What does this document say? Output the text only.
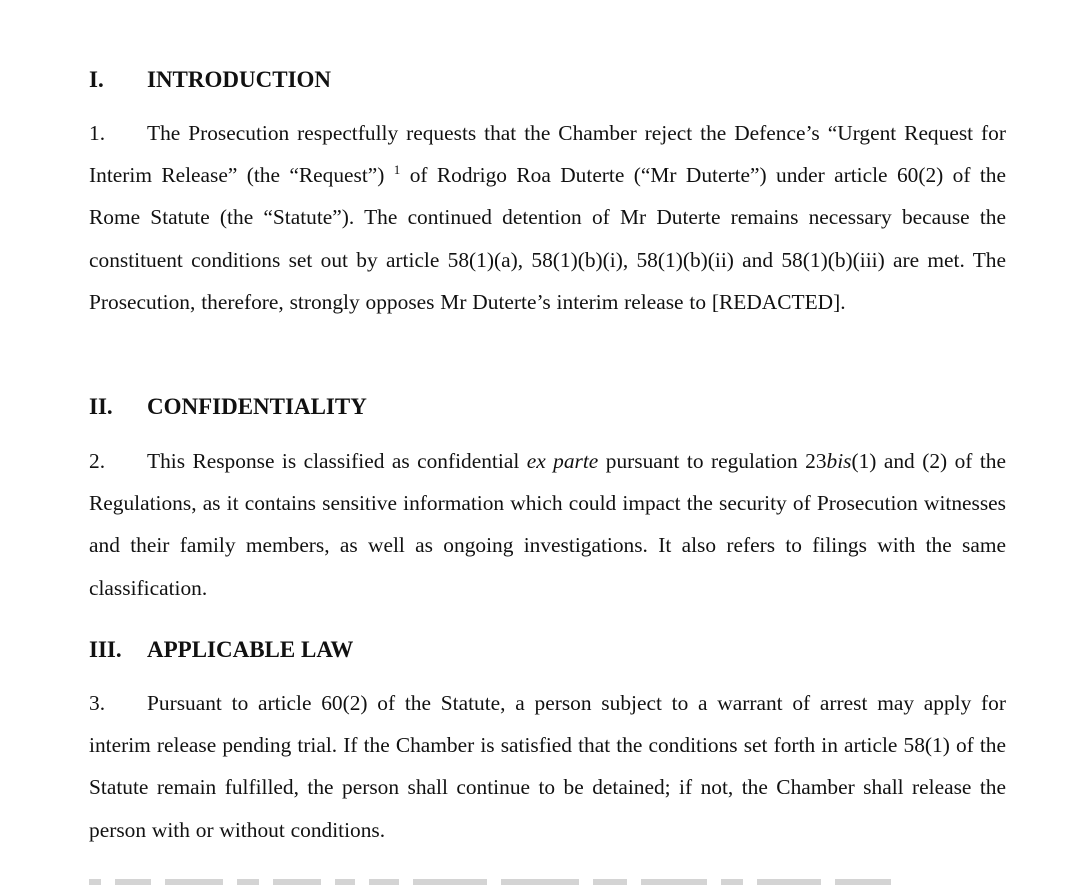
I. INTRODUCTION
1. The Prosecution respectfully requests that the Chamber reject the Defence’s “Urgent Request for Interim Release” (the “Request”) $^1$ of Rodrigo Roa Duterte (“Mr Duterte”) under article 60(2) of the Rome Statute (the “Statute”). The continued detention of Mr Duterte remains necessary because the constituent conditions set out by article 58(1)(a), 58(1)(b)(i), 58(1)(b)(ii) and 58(1)(b)(iii) are met. The Prosecution, therefore, strongly opposes Mr Duterte’s interim release to [REDACTED].
II. CONFIDENTIALITY
2. This Response is classified as confidential ex parte pursuant to regulation 23bis(1) and (2) of the Regulations, as it contains sensitive information which could impact the security of Prosecution witnesses and their family members, as well as ongoing investigations. It also refers to filings with the same classification.
III. APPLICABLE LAW
3. Pursuant to article 60(2) of the Statute, a person subject to a warrant of arrest may apply for interim release pending trial. If the Chamber is satisfied that the conditions set forth in article 58(1) of the Statute remain fulfilled, the person shall continue to be detained; if not, the Chamber shall release the person with or without conditions.
